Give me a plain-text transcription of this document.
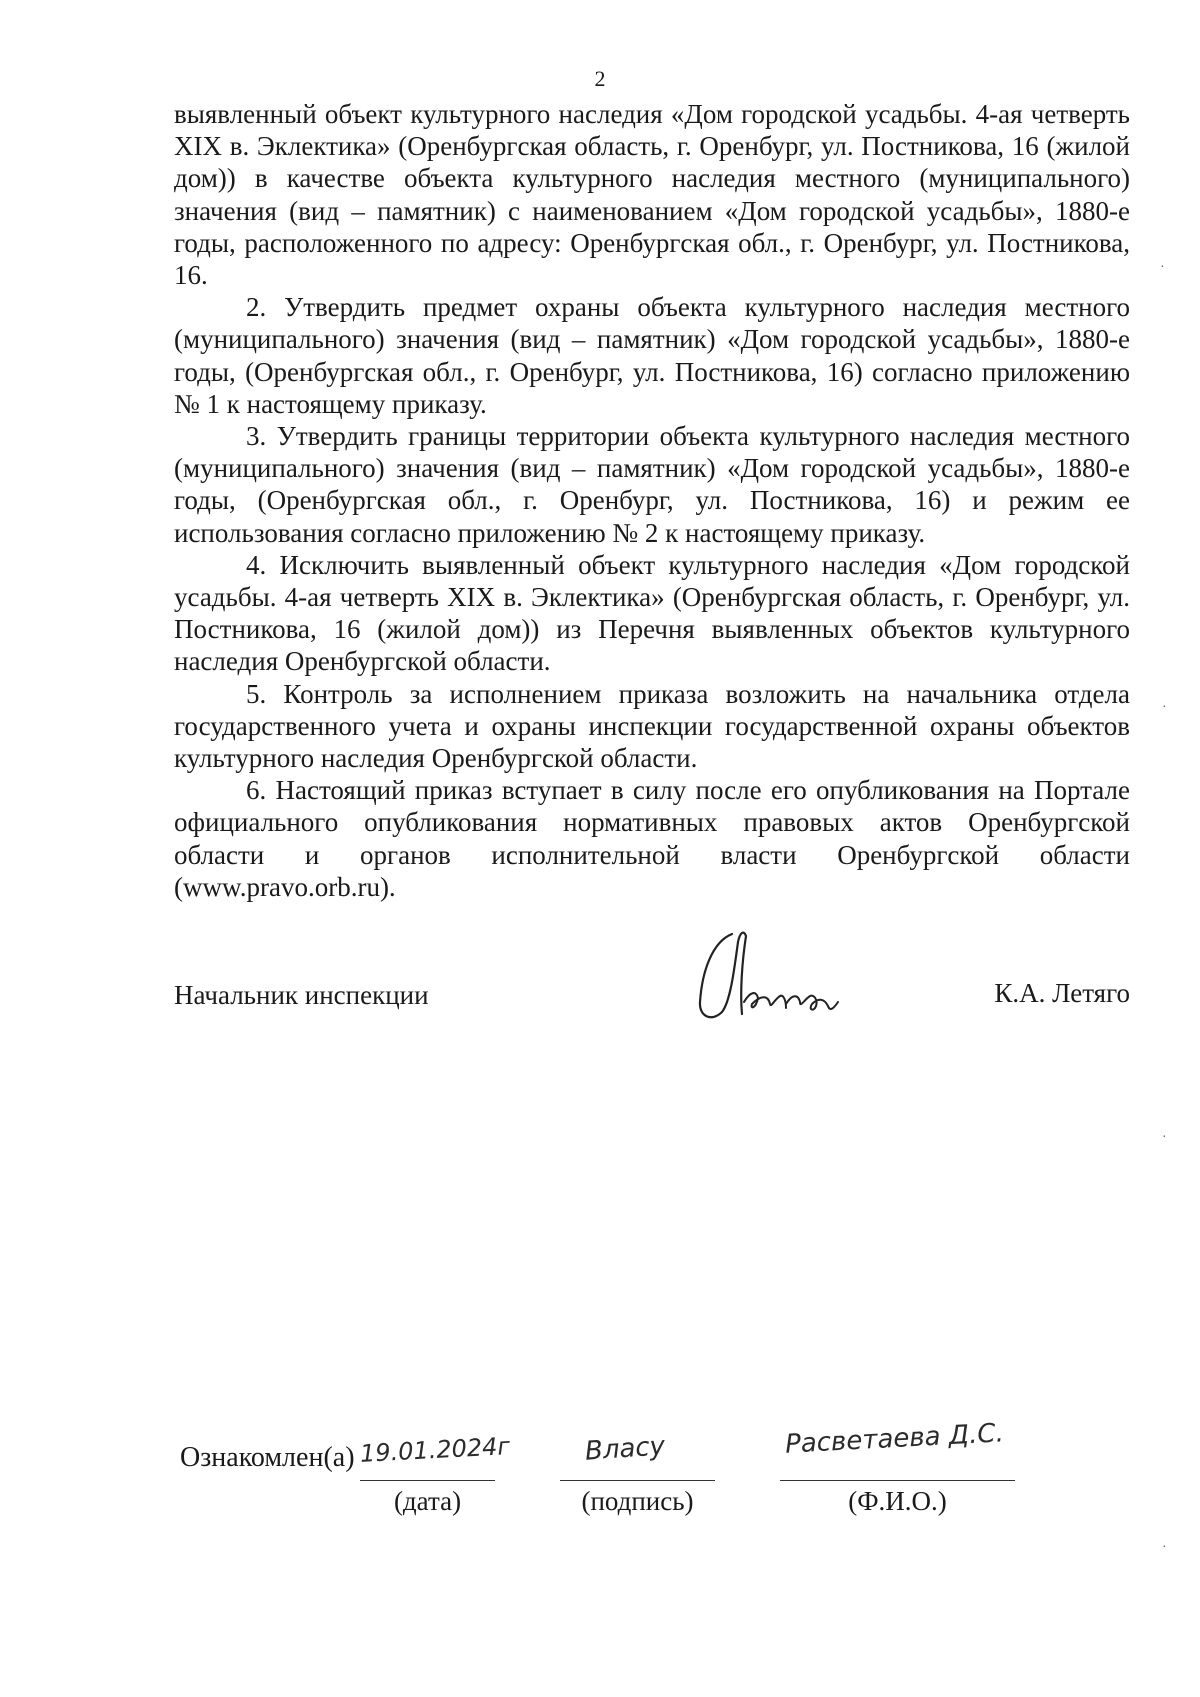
2

выявленный объект культурного наследия «Дом городской усадьбы. 4-ая четверть XIX в. Эклектика» (Оренбургская область, г. Оренбург, ул. Постникова, 16 (жилой дом)) в качестве объекта культурного наследия местного (муниципального) значения (вид – памятник) с наименованием «Дом городской усадьбы», 1880-е годы, расположенного по адресу: Оренбургская обл., г. Оренбург, ул. Постникова, 16.

2. Утвердить предмет охраны объекта культурного наследия местного (муниципального) значения (вид – памятник) «Дом городской усадьбы», 1880-е годы, (Оренбургская обл., г. Оренбург, ул. Постникова, 16) согласно приложению № 1 к настоящему приказу.

3. Утвердить границы территории объекта культурного наследия местного (муниципального) значения (вид – памятник) «Дом городской усадьбы», 1880-е годы, (Оренбургская обл., г. Оренбург, ул. Постникова, 16) и режим ее использования согласно приложению № 2 к настоящему приказу.

4. Исключить выявленный объект культурного наследия «Дом городской усадьбы. 4-ая четверть XIX в. Эклектика» (Оренбургская область, г. Оренбург, ул. Постникова, 16 (жилой дом)) из Перечня выявленных объектов культурного наследия Оренбургской области.

5. Контроль за исполнением приказа возложить на начальника отдела государственного учета и охраны инспекции государственной охраны объектов культурного наследия Оренбургской области.

6. Настоящий приказ вступает в силу после его опубликования на Портале официального опубликования нормативных правовых актов Оренбургской области и органов исполнительной власти Оренбургской области (www.pravo.orb.ru).

Начальник инспекции	К.А. Летяго
Ознакомлен(а) 19.01.2024г
(дата)
Власу
(подпись)
Расветаева Д.С.
(Ф.И.О.)
·
·
·
·
